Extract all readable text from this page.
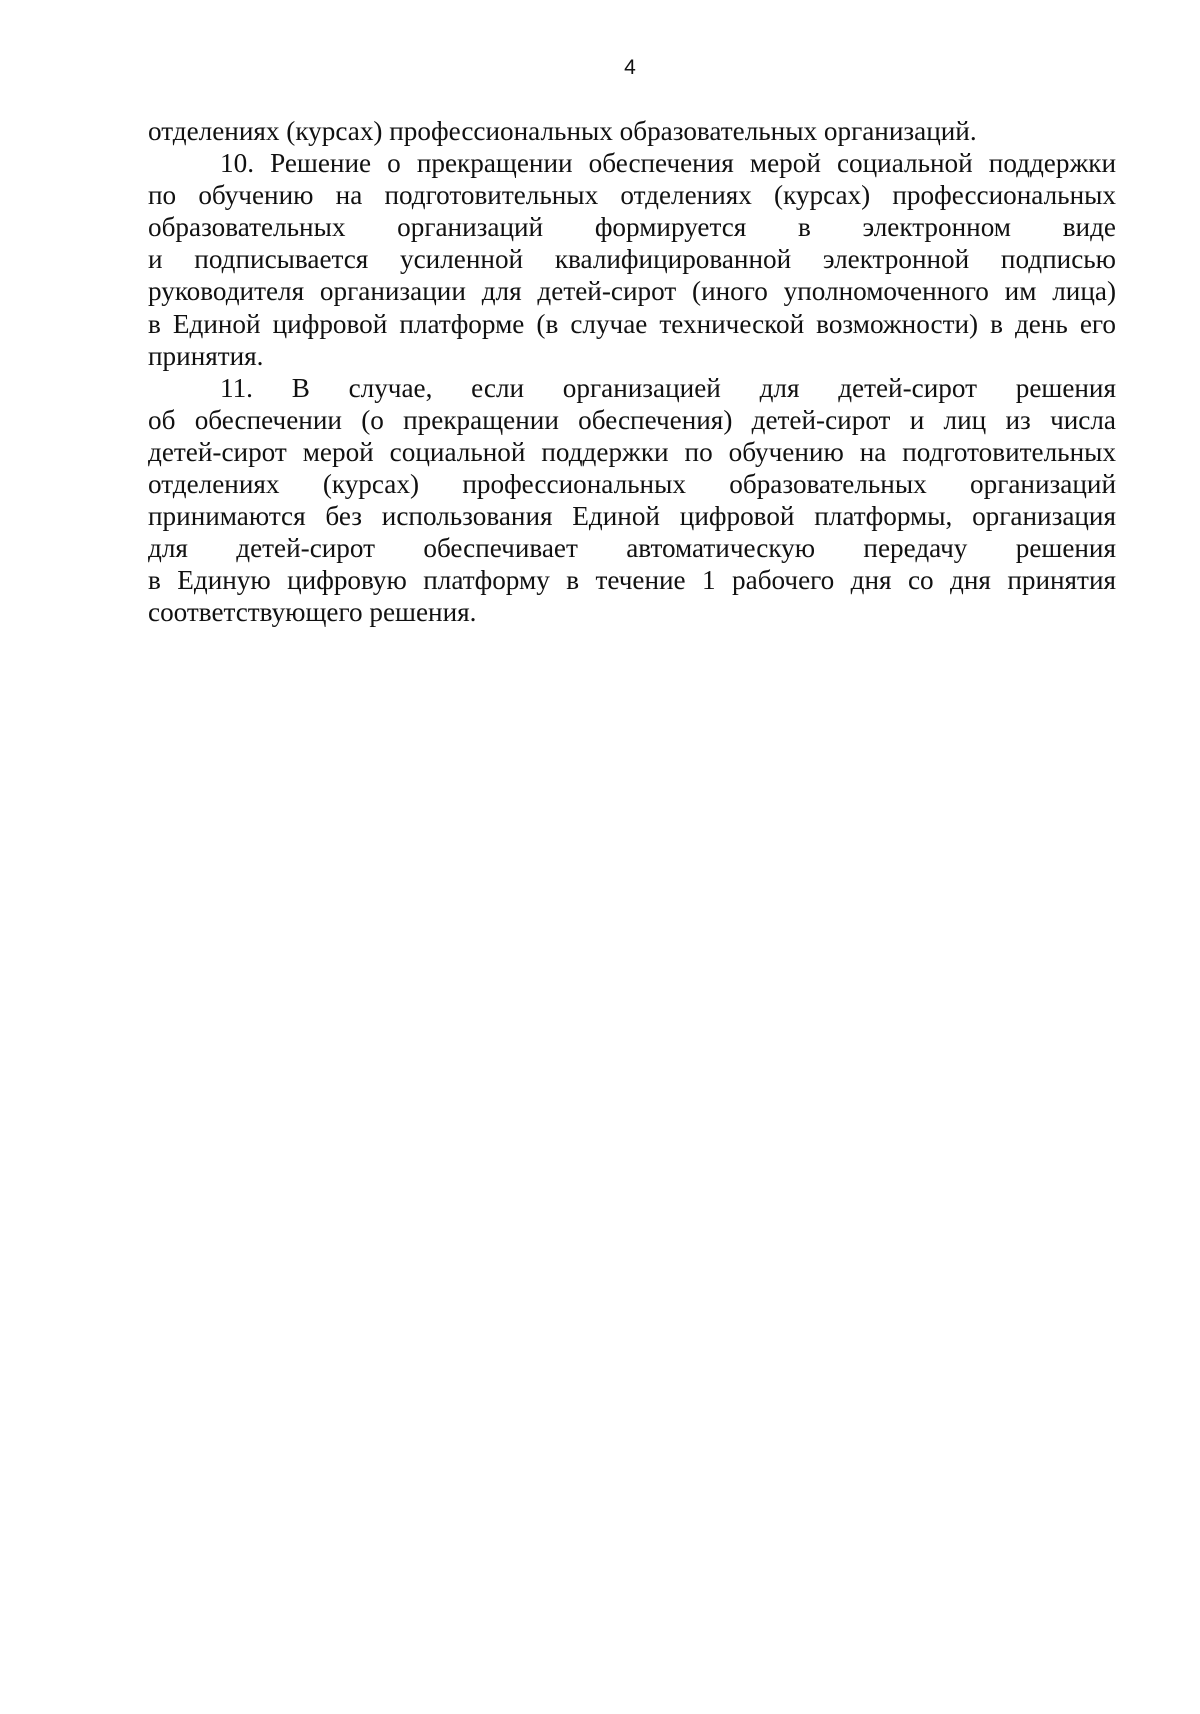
4
отделениях (курсах) профессиональных образовательных организаций.
10. Решение о прекращении обеспечения мерой социальной поддержки
по обучению на подготовительных отделениях (курсах) профессиональных
образовательных организаций формируется в электронном виде
и подписывается усиленной квалифицированной электронной подписью
руководителя организации для детей-сирот (иного уполномоченного им лица)
в Единой цифровой платформе (в случае технической возможности) в день его
принятия.
11. В случае, если организацией для детей-сирот решения
об обеспечении (о прекращении обеспечения) детей-сирот и лиц из числа
детей-сирот мерой социальной поддержки по обучению на подготовительных
отделениях (курсах) профессиональных образовательных организаций
принимаются без использования Единой цифровой платформы, организация
для детей-сирот обеспечивает автоматическую передачу решения
в Единую цифровую платформу в течение 1 рабочего дня со дня принятия
соответствующего решения.
